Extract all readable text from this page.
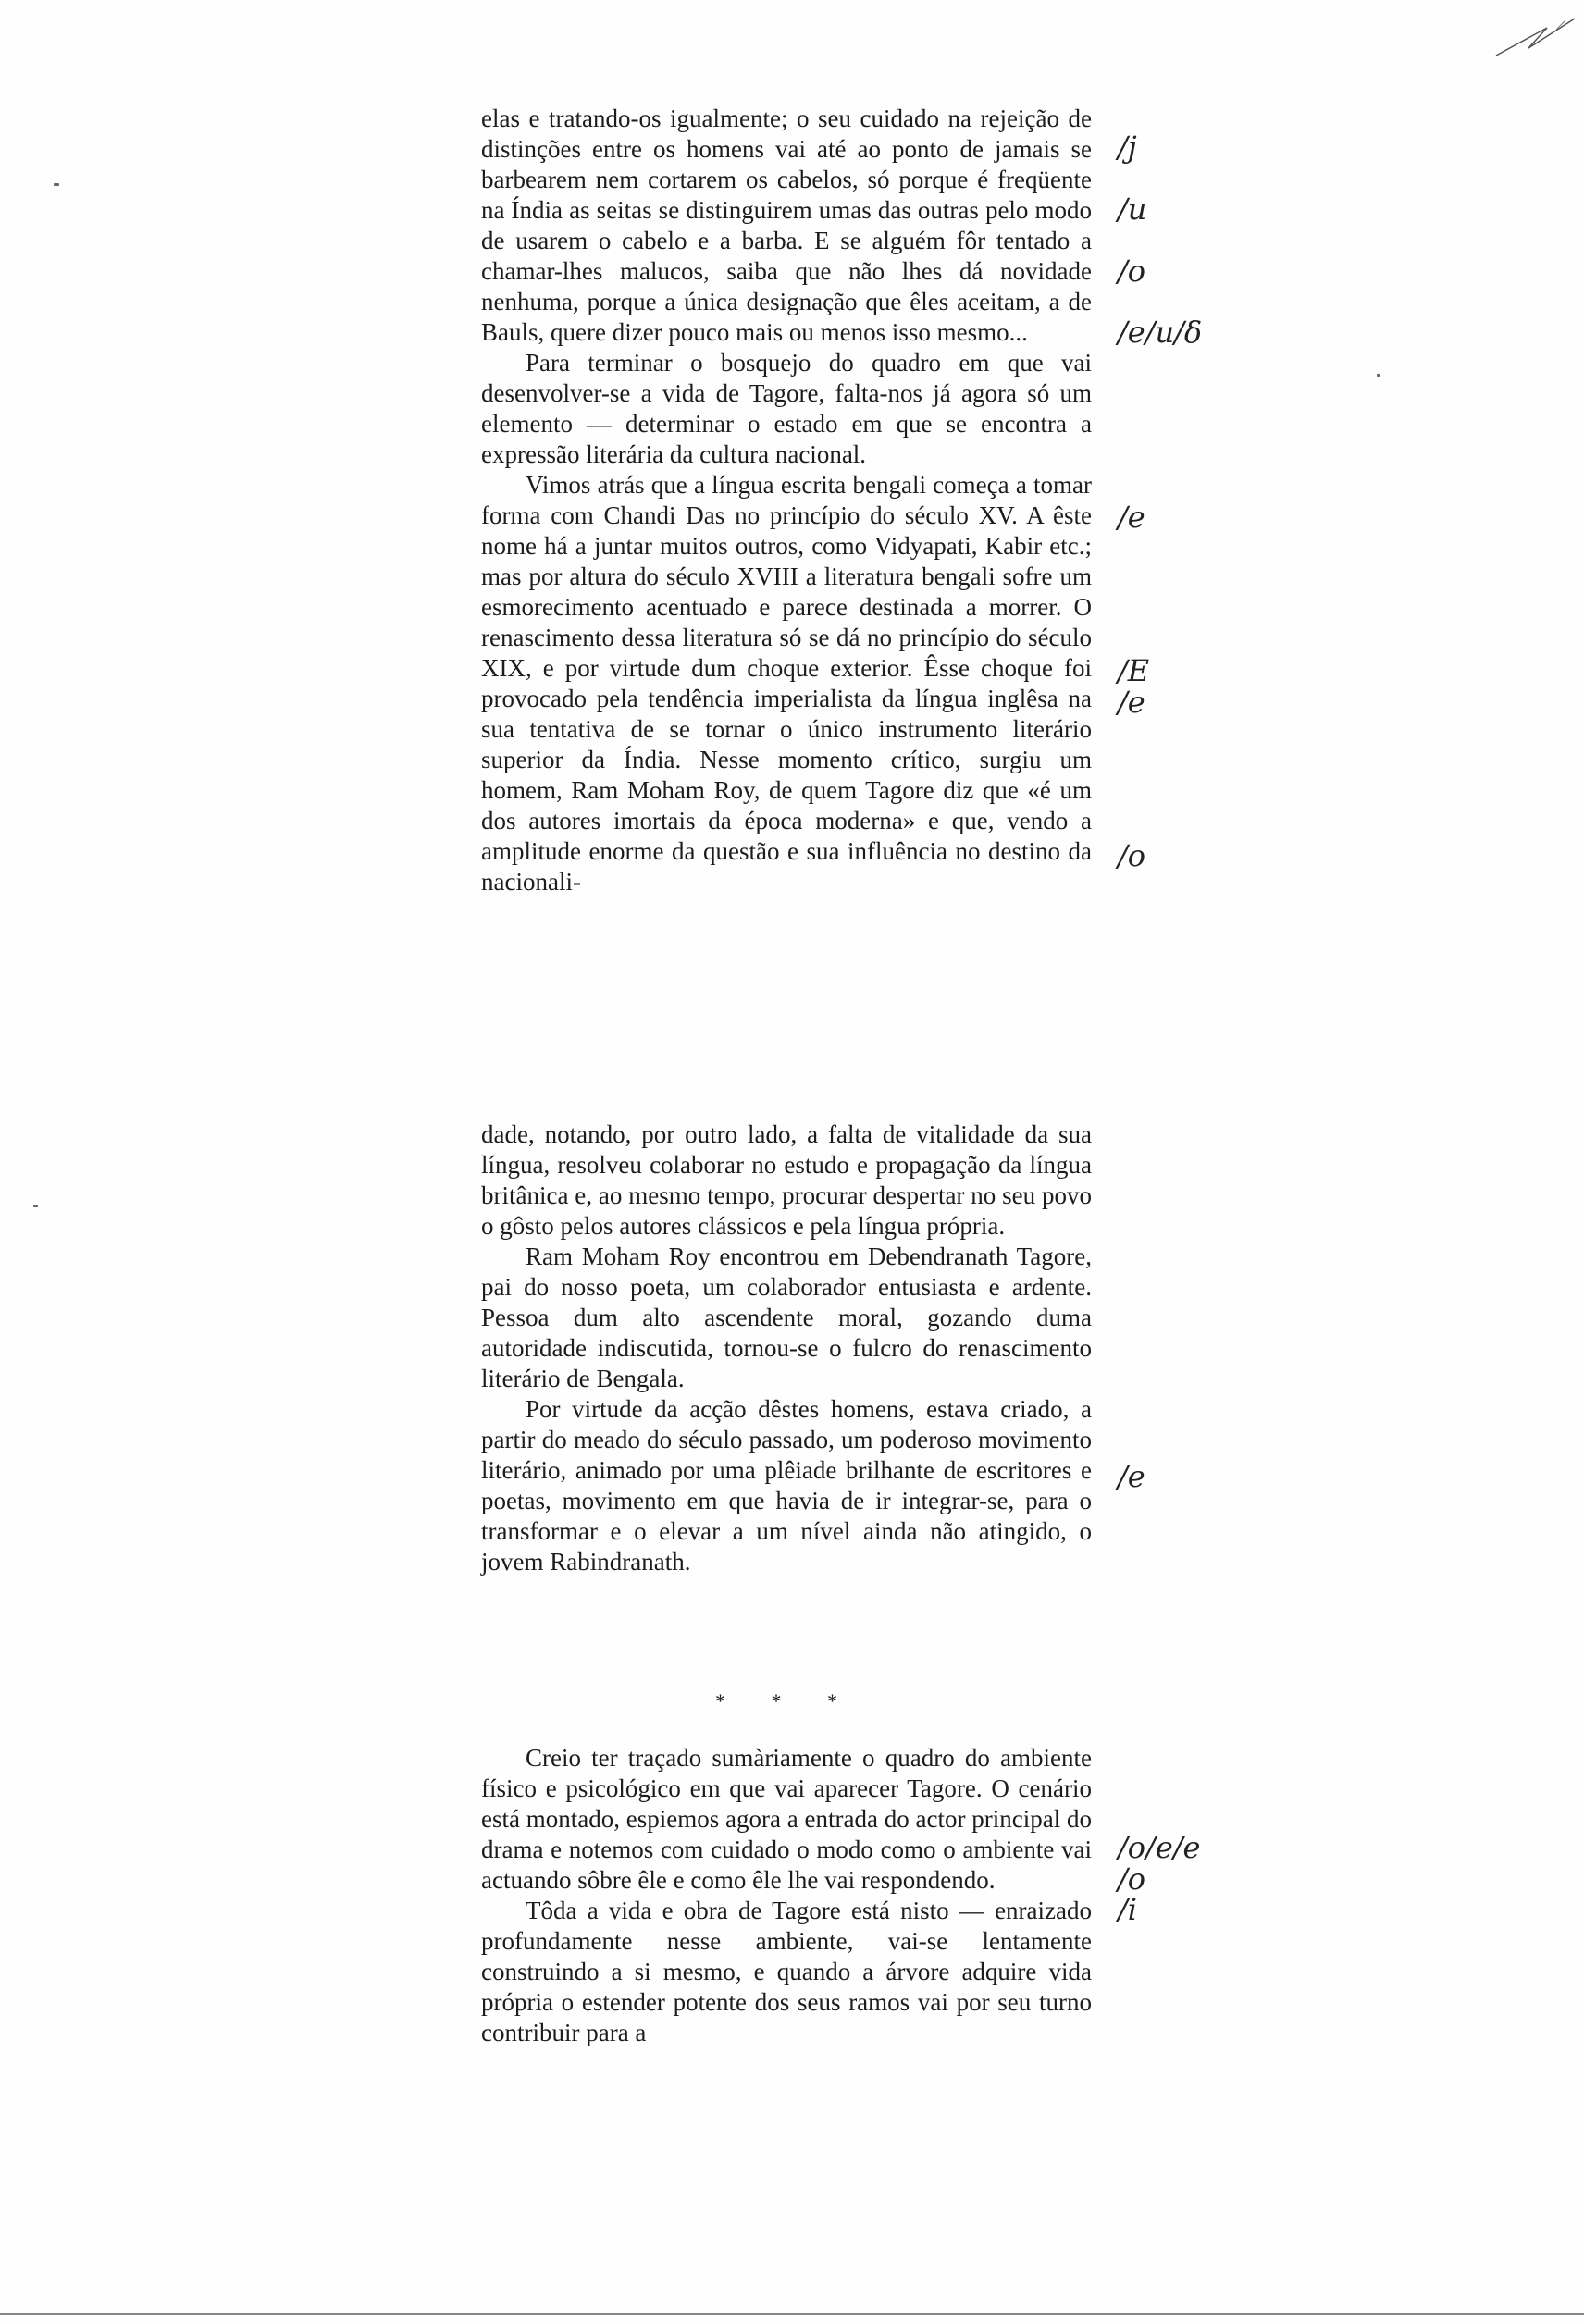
elas e tratando-os igualmente; o seu cuidado na rejeição de distinções entre os homens vai até ao ponto de jamais se barbearem nem cortarem os cabelos, só porque é freqüente na Índia as seitas se distinguirem umas das outras pelo modo de usarem o cabelo e a barba. E se alguém fôr tentado a chamar-lhes malucos, saiba que não lhes dá novidade nenhuma, porque a única designação que êles aceitam, a de Bauls, quere dizer pouco mais ou menos isso mesmo...

Para terminar o bosquejo do quadro em que vai desenvolver-se a vida de Tagore, falta-nos já agora só um elemento — determinar o estado em que se encontra a expressão literária da cultura nacional.

Vimos atrás que a língua escrita bengali começa a tomar forma com Chandi Das no princípio do século XV. A êste nome há a juntar muitos outros, como Vidyapati, Kabir etc.; mas por altura do século XVIII a literatura bengali sofre um esmorecimento acentuado e parece destinada a morrer. O renascimento dessa literatura só se dá no princípio do século XIX, e por virtude dum choque exterior. Êsse choque foi provocado pela tendência imperialista da língua inglêsa na sua tentativa de se tornar o único instrumento literário superior da Índia. Nesse momento crítico, surgiu um homem, Ram Moham Roy, de quem Tagore diz que «é um dos autores imortais da época moderna» e que, vendo a amplitude enorme da questão e sua influência no destino da nacionali-

dade, notando, por outro lado, a falta de vitalidade da sua língua, resolveu colaborar no estudo e propagação da língua britânica e, ao mesmo tempo, procurar despertar no seu povo o gôsto pelos autores clássicos e pela língua própria.

Ram Moham Roy encontrou em Debendranath Tagore, pai do nosso poeta, um colaborador entusiasta e ardente. Pessoa dum alto ascendente moral, gozando duma autoridade indiscutida, tornou-se o fulcro do renascimento literário de Bengala.

Por virtude da acção dêstes homens, estava criado, a partir do meado do século passado, um poderoso movimento literário, animado por uma plêiade brilhante de escritores e poetas, movimento em que havia de ir integrar-se, para o transformar e o elevar a um nível ainda não atingido, o jovem Rabindranath.

* * *

Creio ter traçado sumàriamente o quadro do ambiente físico e psicológico em que vai aparecer Tagore. O cenário está montado, espiemos agora a entrada do actor principal do drama e notemos com cuidado o modo como o ambiente vai actuando sôbre êle e como êle lhe vai respondendo.

Tôda a vida e obra de Tagore está nisto — enraizado profundamente nesse ambiente, vai-se lentamente construindo a si mesmo, e quando a árvore adquire vida própria o estender potente dos seus ramos vai por seu turno contribuir para a

/j
/u
/o
/e/u/δ
/e
/E
/e
/o
/e
/o/e/e
/o
/i
